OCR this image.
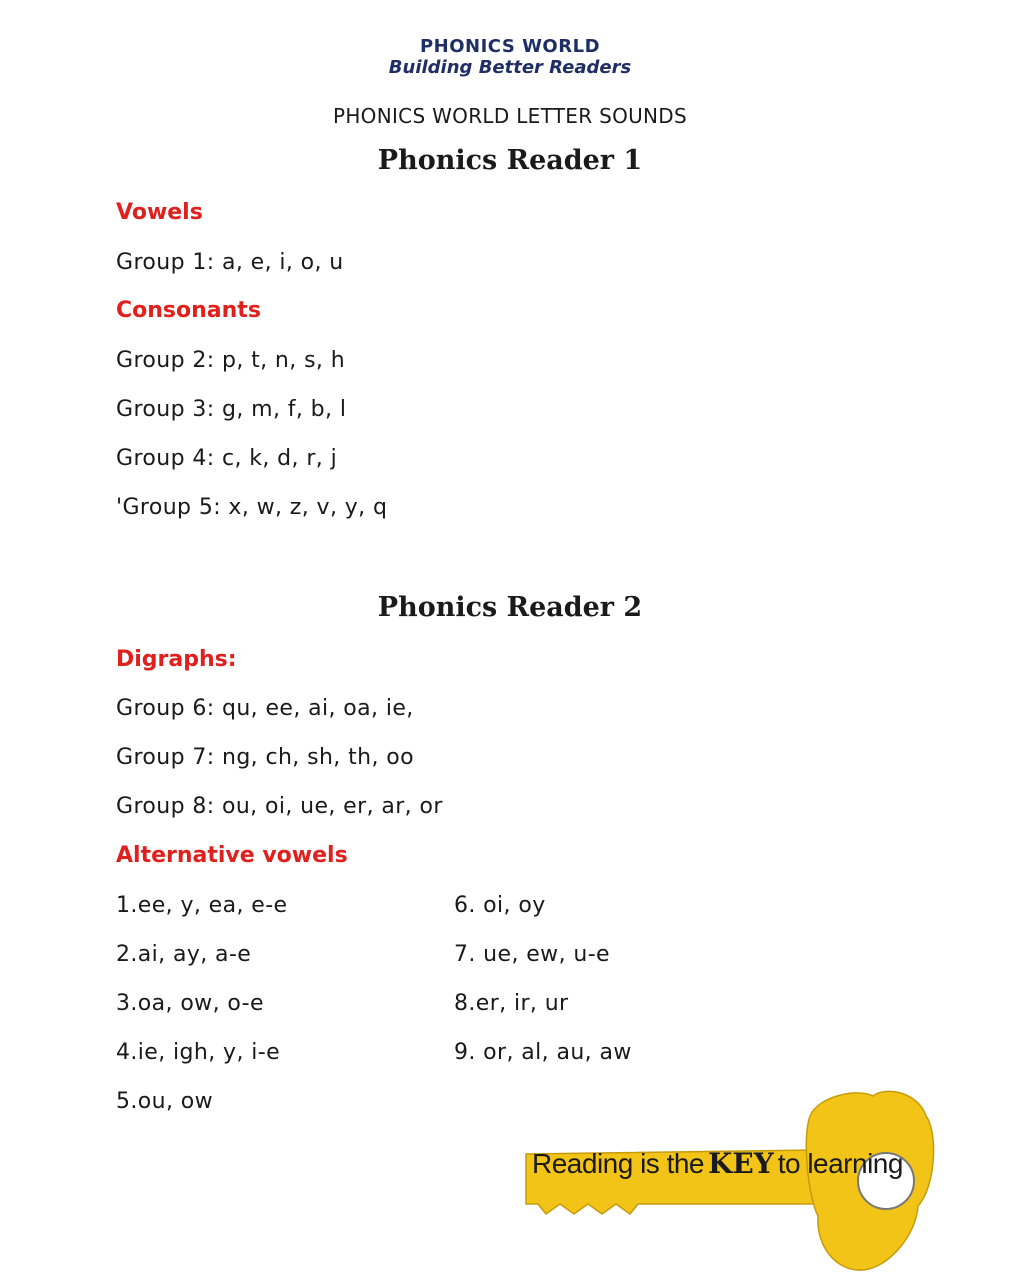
PHONICS WORLD
Building Better Readers
PHONICS WORLD LETTER SOUNDS
Phonics Reader 1
Vowels
Group 1: a, e, i, o, u
Consonants
Group 2: p, t, n, s, h
Group 3: g, m, f, b, l
Group 4: c, k, d, r, j
'Group 5: x, w, z, v, y, q
Phonics Reader 2
Digraphs:
Group 6: qu, ee, ai, oa, ie,
Group 7: ng, ch, sh, th, oo
Group 8: ou, oi, ue, er, ar, or
Alternative vowels
1.ee, y, ea, e-e
2.ai, ay, a-e
3.oa, ow, o-e
4.ie, igh, y, i-e
5.ou, ow
6. oi, oy
7. ue, ew, u-e
8.er, ir, ur
9. or, al, au, aw
Reading is the KEY to learning
